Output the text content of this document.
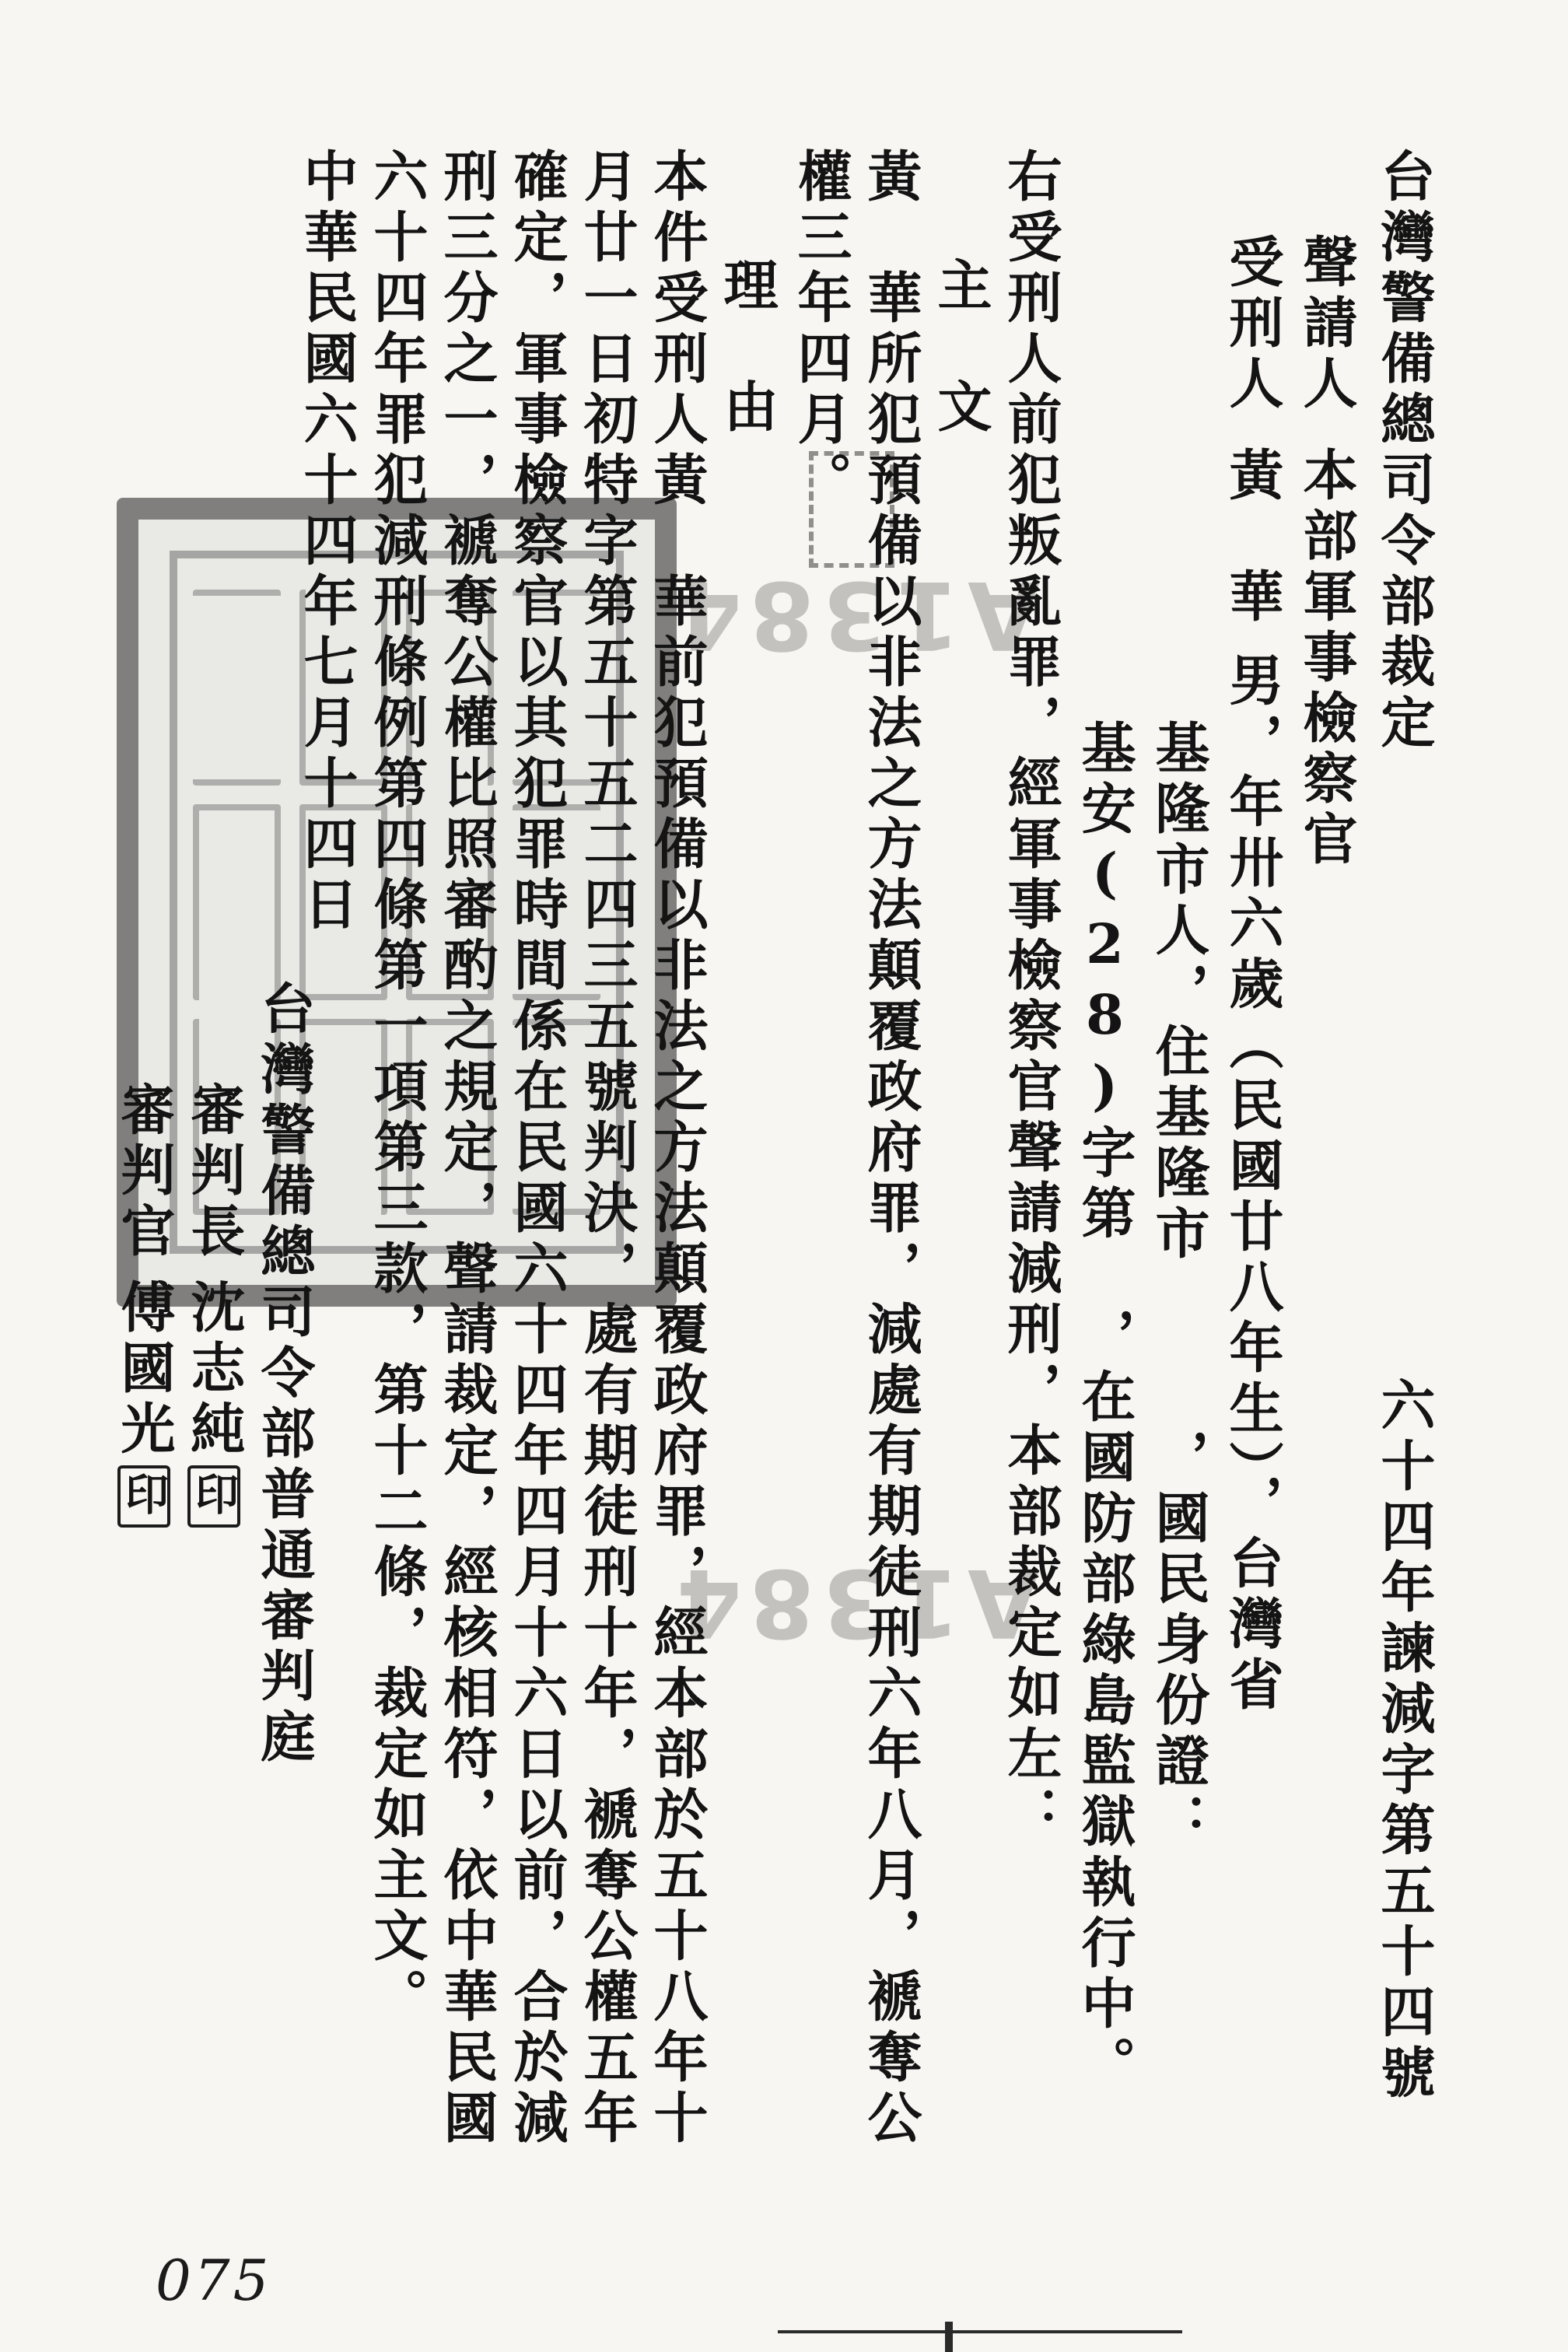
A1384
A1384
台灣警備總司令部裁定
六十四年諫減字第五十四號
聲請人本部軍事檢察官
受刑人黃　華男，年卅六歲（民國廿八年生），台灣省
基隆市人，住基隆市，國民身份證：
基安(28)字第，在國防部綠島監獄執行中。
右受刑人前犯叛亂罪，經軍事檢察官聲請減刑，本部裁定如左：
主　文
黃　華所犯預備以非法之方法顛覆政府罪，減處有期徒刑六年八月，褫奪公
權三年四月。
理　由
本件受刑人黃　華前犯預備以非法之方法顛覆政府罪，經本部於五十八年十
月廿一日初特字第五十五二四三五號判決，處有期徒刑十年，褫奪公權五年
確定，軍事檢察官以其犯罪時間係在民國六十四年四月十六日以前，合於減
刑三分之一，褫奪公權比照審酌之規定，聲請裁定，經核相符，依中華民國
六十四年罪犯減刑條例第四條第一項第三款，第十二條，裁定如主文。
中華民國六十四年七月十四日
台灣警備總司令部普通審判庭
審判長沈志純印
審判官傅國光印
075
